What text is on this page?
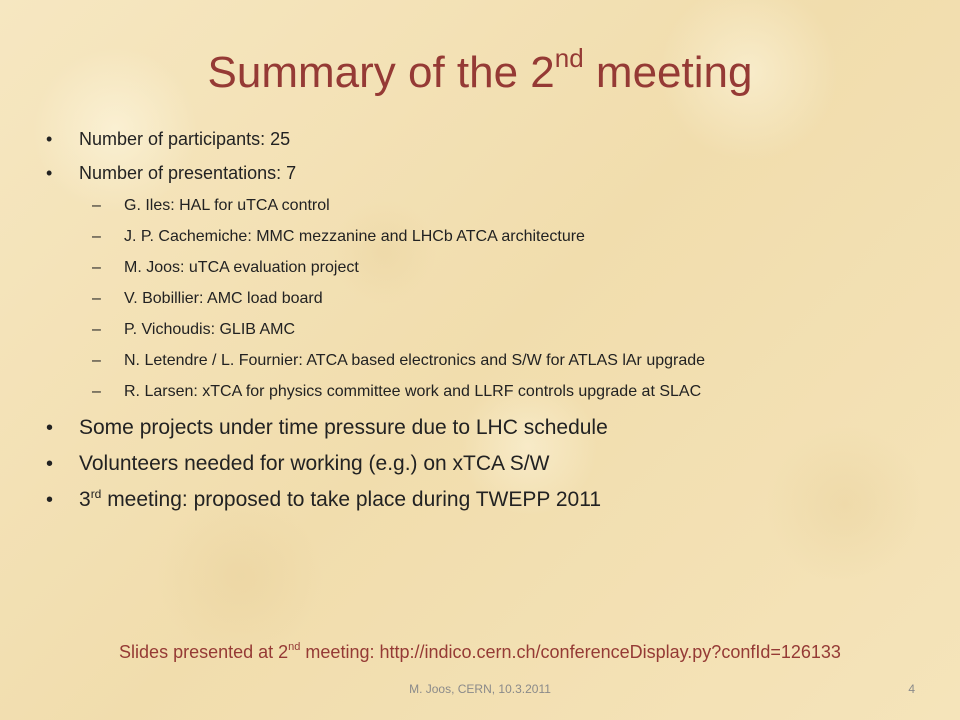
Summary of the 2nd meeting
• Number of participants: 25
• Number of presentations: 7
– G. Iles: HAL for uTCA control
– J. P. Cachemiche: MMC mezzanine and LHCb ATCA architecture
– M. Joos: uTCA evaluation project
– V. Bobillier: AMC load board
– P. Vichoudis: GLIB AMC
– N. Letendre / L. Fournier: ATCA based electronics and S/W for ATLAS lAr upgrade
– R. Larsen: xTCA for physics committee work and LLRF controls upgrade at SLAC
• Some projects under time pressure due to LHC schedule
• Volunteers needed for working (e.g.) on xTCA S/W
• 3rd meeting: proposed to take place during TWEPP 2011
Slides presented at 2nd meeting: http://indico.cern.ch/conferenceDisplay.py?confId=126133
M. Joos, CERN, 10.3.2011	4
